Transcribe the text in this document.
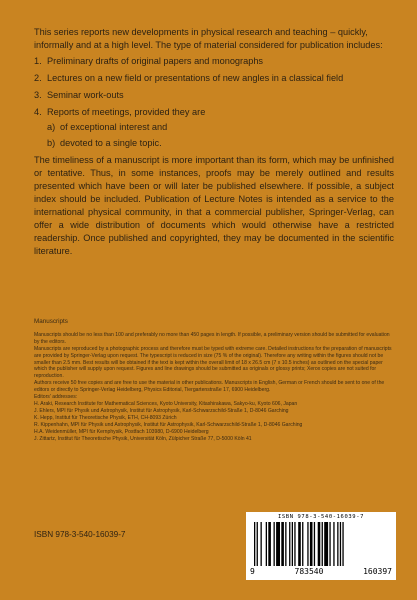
This series reports new developments in physical research and teaching – quickly, informally and at a high level. The type of material considered for publication includes:

1. Preliminary drafts of original papers and monographs
2. Lectures on a new field or presentations of new angles in a classical field
3. Seminar work-outs
4. Reports of meetings, provided they are
a) of exceptional interest and
b) devoted to a single topic.

The timeliness of a manuscript is more important than its form, which may be unfinished or tentative. Thus, in some instances, proofs may be merely outlined and results presented which have been or will later be published elsewhere. If possible, a subject index should be included. Publication of Lecture Notes is intended as a service to the international physical community, in that a commercial publisher, Springer-Verlag, can offer a wide distribution of documents which would otherwise have a restricted readership. Once published and copyrighted, they may be documented in the scientific literature.

Manuscripts

Manuscripts should be no less than 100 and preferably no more than 450 pages in length. If possible, a preliminary version should be submitted for evaluation by the editors.

Manuscripts are reproduced by a photographic process and therefore must be typed with extreme care. Detailed instructions for the preparation of manuscripts are provided by Springer-Verlag upon request. The typescript is reduced in size (75 % of the original). Therefore any writing within the figures should not be smaller than 2.5 mm. Best results will be obtained if the text is kept within the overall limit of 18 x 26.5 cm (7 x 10.5 inches) as outlined on the special paper which the publisher will supply upon request. Figures and line drawings should be submitted as originals or glossy prints; Xerox copies are not suited for reproduction.

Authors receive 50 free copies and are free to use the material in other publications. Manuscripts in English, German or French should be sent to one of the editors or directly to Springer-Verlag Heidelberg, Physics Editorial, Tiergartenstraße 17, 6900 Heidelberg.

Editors' addresses:

H. Araki, Research Institute for Mathematical Sciences, Kyoto University, Kitashirakawa, Sakyo-ku, Kyoto 606, Japan

J. Ehlers, MPI für Physik und Astrophysik, Institut für Astrophysik, Karl-Schwarzschild-Straße 1, D-8046 Garching

K. Hepp, Institut für Theoretische Physik, ETH, CH-8093 Zürich

R. Kippenhahn, MPI für Physik und Astrophysik, Institut für Astrophysik, Karl-Schwarzschild-Straße 1, D-8046 Garching

H.A. Weidenmüller, MPI für Kernphysik, Postfach 103980, D-6900 Heidelberg

J. Zittartz, Institut für Theoretische Physik, Universität Köln, Zülpicher Straße 77, D-5000 Köln 41

ISBN 978-3-540-16039-7
ISBN 978-3-540-16039-7
9	783540	160397
